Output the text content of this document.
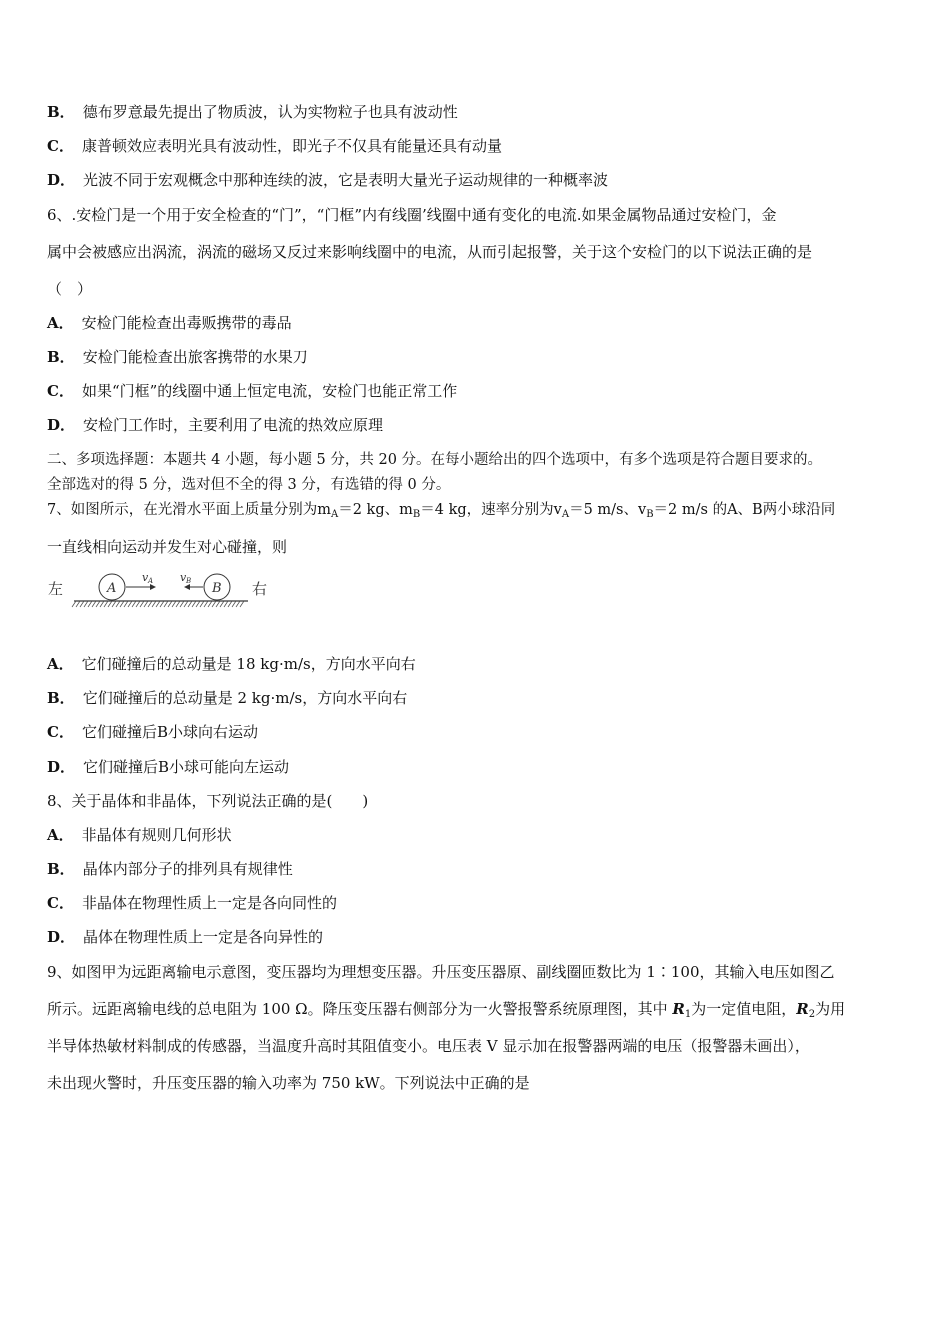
B． 德布罗意最先提出了物质波，认为实物粒子也具有波动性
C． 康普顿效应表明光具有波动性，即光子不仅具有能量还具有动量
D． 光波不同于宏观概念中那种连续的波，它是表明大量光子运动规律的一种概率波
6、.安检门是一个用于安全检查的“门”，“门框”内有线圈’线圈中通有变化的电流.如果金属物品通过安检门，金
属中会被感应出涡流，涡流的磁场又反过来影响线圈中的电流，从而引起报警，关于这个安检门的以下说法正确的是
（　）
A． 安检门能检查出毒贩携带的毒品
B． 安检门能检查出旅客携带的水果刀
C． 如果“门框”的线圈中通上恒定电流，安检门也能正常工作
D． 安检门工作时，主要利用了电流的热效应原理
二、多项选择题：本题共 4 小题，每小题 5 分，共 20 分。在每小题给出的四个选项中，有多个选项是符合题目要求的。
全部选对的得 5 分，选对但不全的得 3 分，有选错的得 0 分。
7、如图所示，在光滑水平面上质量分别为$m_A=2$ kg、$m_B=4$ kg，速率分别为$v_A=5$ m/s、$v_B=2$ m/s 的A、B两小球沿同
一直线相向运动并发生对心碰撞，则
左	右
A	B
v A v B
A． 它们碰撞后的总动量是 18 kg·m/s，方向水平向右
B． 它们碰撞后的总动量是 2 kg·m/s，方向水平向右
C． 它们碰撞后B小球向右运动
D． 它们碰撞后B小球可能向左运动
8、关于晶体和非晶体，下列说法正确的是(　　)
A． 非晶体有规则几何形状
B． 晶体内部分子的排列具有规律性
C． 非晶体在物理性质上一定是各向同性的
D． 晶体在物理性质上一定是各向异性的
9、如图甲为远距离输电示意图，变压器均为理想变压器。升压变压器原、副线圈匝数比为 1∶100，其输入电压如图乙
所示。远距离输电线的总电阻为 100 Ω。降压变压器右侧部分为一火警报警系统原理图，其中 $R_1$为一定值电阻，$R_2$为用
半导体热敏材料制成的传感器，当温度升高时其阻值变小。电压表 V 显示加在报警器两端的电压（报警器未画出），
未出现火警时，升压变压器的输入功率为 750 kW。下列说法中正确的是
